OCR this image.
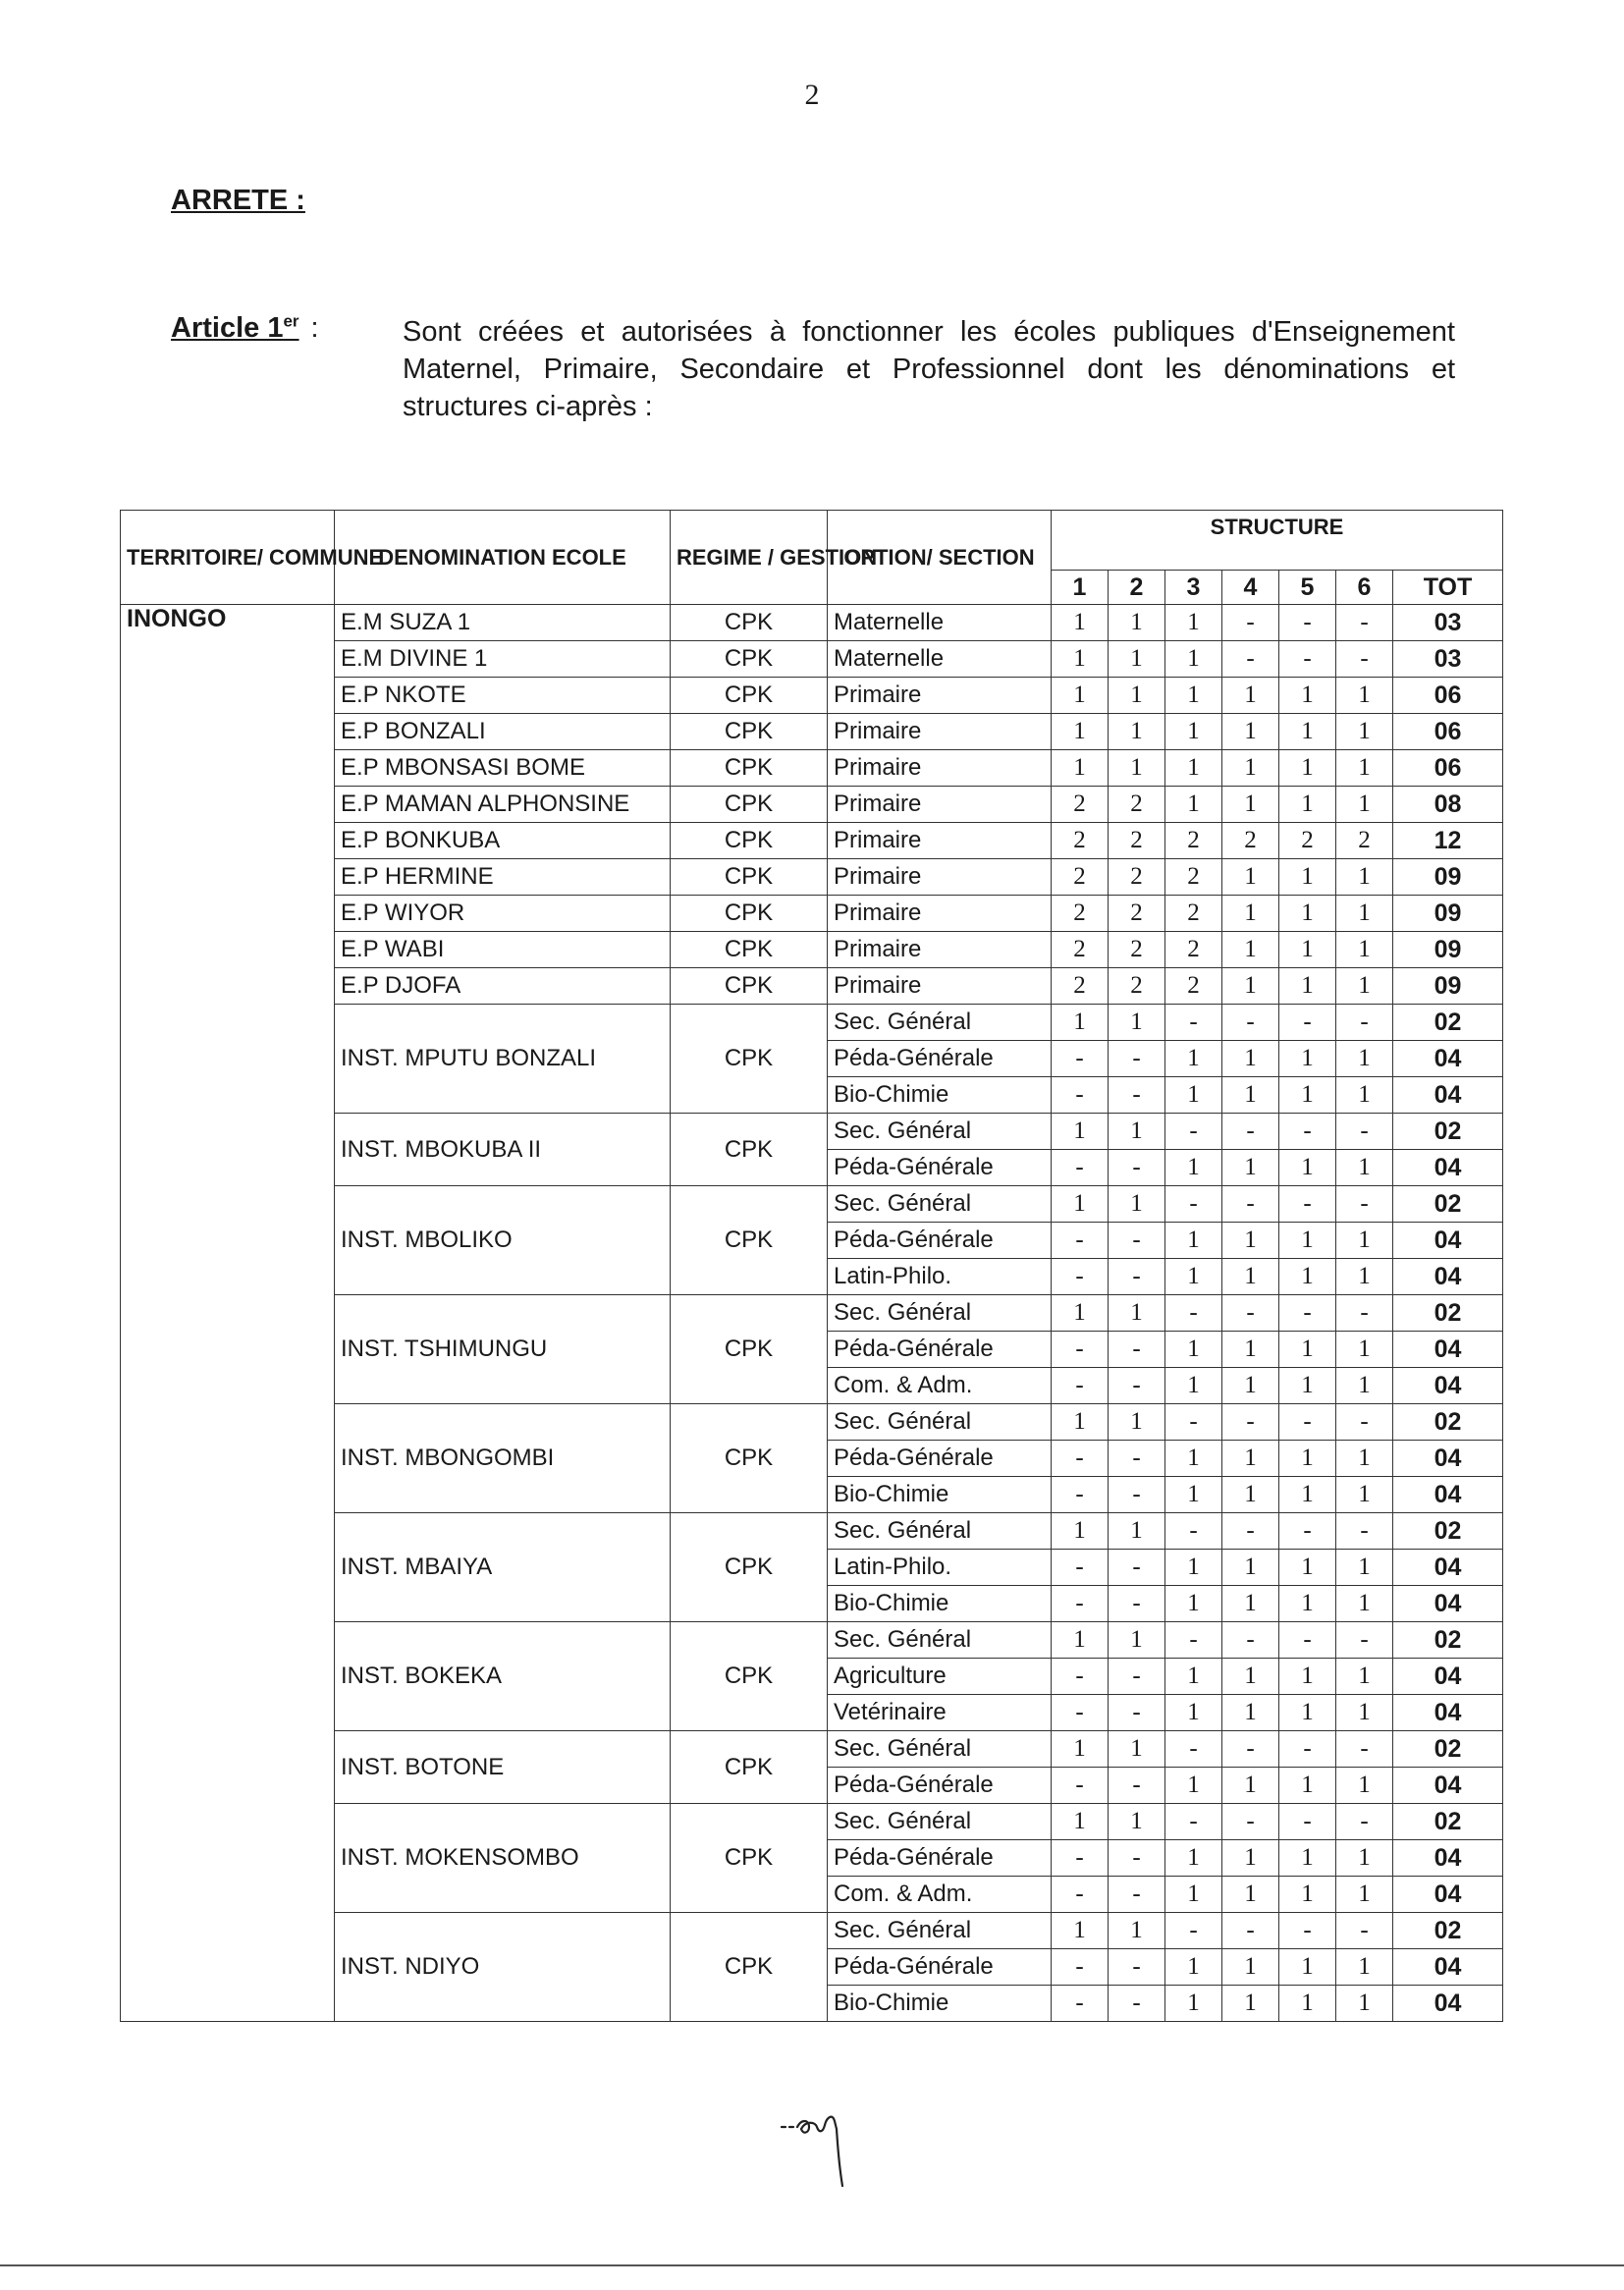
2
ARRETE :
Article 1er :	Sont créées et autorisées à fonctionner les écoles publiques d'Enseignement Maternel, Primaire, Secondaire et Professionnel dont les dénominations et structures ci-après :
TERRITOIRE/ COMMUNE	DENOMINATION ECOLE	REGIME / GESTION	OPTION/ SECTION	STRUCTURE						
				1	2	3	4	5	6	TOT
INONGO	E.M SUZA 1	CPK	Maternelle	1	1	1	-	-	-	03
	E.M DIVINE 1	CPK	Maternelle	1	1	1	-	-	-	03
	E.P NKOTE	CPK	Primaire	1	1	1	1	1	1	06
	E.P BONZALI	CPK	Primaire	1	1	1	1	1	1	06
	E.P MBONSASI BOME	CPK	Primaire	1	1	1	1	1	1	06
	E.P MAMAN ALPHONSINE	CPK	Primaire	2	2	1	1	1	1	08
	E.P BONKUBA	CPK	Primaire	2	2	2	2	2	2	12
	E.P HERMINE	CPK	Primaire	2	2	2	1	1	1	09
	E.P WIYOR	CPK	Primaire	2	2	2	1	1	1	09
	E.P WABI	CPK	Primaire	2	2	2	1	1	1	09
	E.P DJOFA	CPK	Primaire	2	2	2	1	1	1	09
	INST. MPUTU BONZALI	CPK	Sec. Général	1	1	-	-	-	-	02
			Péda-Générale	-	-	1	1	1	1	04
			Bio-Chimie	-	-	1	1	1	1	04
	INST. MBOKUBA II	CPK	Sec. Général	1	1	-	-	-	-	02
			Péda-Générale	-	-	1	1	1	1	04
	INST. MBOLIKO	CPK	Sec. Général	1	1	-	-	-	-	02
			Péda-Générale	-	-	1	1	1	1	04
			Latin-Philo.	-	-	1	1	1	1	04
	INST. TSHIMUNGU	CPK	Sec. Général	1	1	-	-	-	-	02
			Péda-Générale	-	-	1	1	1	1	04
			Com. & Adm.	-	-	1	1	1	1	04
	INST. MBONGOMBI	CPK	Sec. Général	1	1	-	-	-	-	02
			Péda-Générale	-	-	1	1	1	1	04
			Bio-Chimie	-	-	1	1	1	1	04
	INST. MBAIYA	CPK	Sec. Général	1	1	-	-	-	-	02
			Latin-Philo.	-	-	1	1	1	1	04
			Bio-Chimie	-	-	1	1	1	1	04
	INST. BOKEKA	CPK	Sec. Général	1	1	-	-	-	-	02
			Agriculture	-	-	1	1	1	1	04
			Vetérinaire	-	-	1	1	1	1	04
	INST. BOTONE	CPK	Sec. Général	1	1	-	-	-	-	02
			Péda-Générale	-	-	1	1	1	1	04
	INST. MOKENSOMBO	CPK	Sec. Général	1	1	-	-	-	-	02
			Péda-Générale	-	-	1	1	1	1	04
			Com. & Adm.	-	-	1	1	1	1	04
	INST. NDIYO	CPK	Sec. Général	1	1	-	-	-	-	02
			Péda-Générale	-	-	1	1	1	1	04
			Bio-Chimie	-	-	1	1	1	1	04
